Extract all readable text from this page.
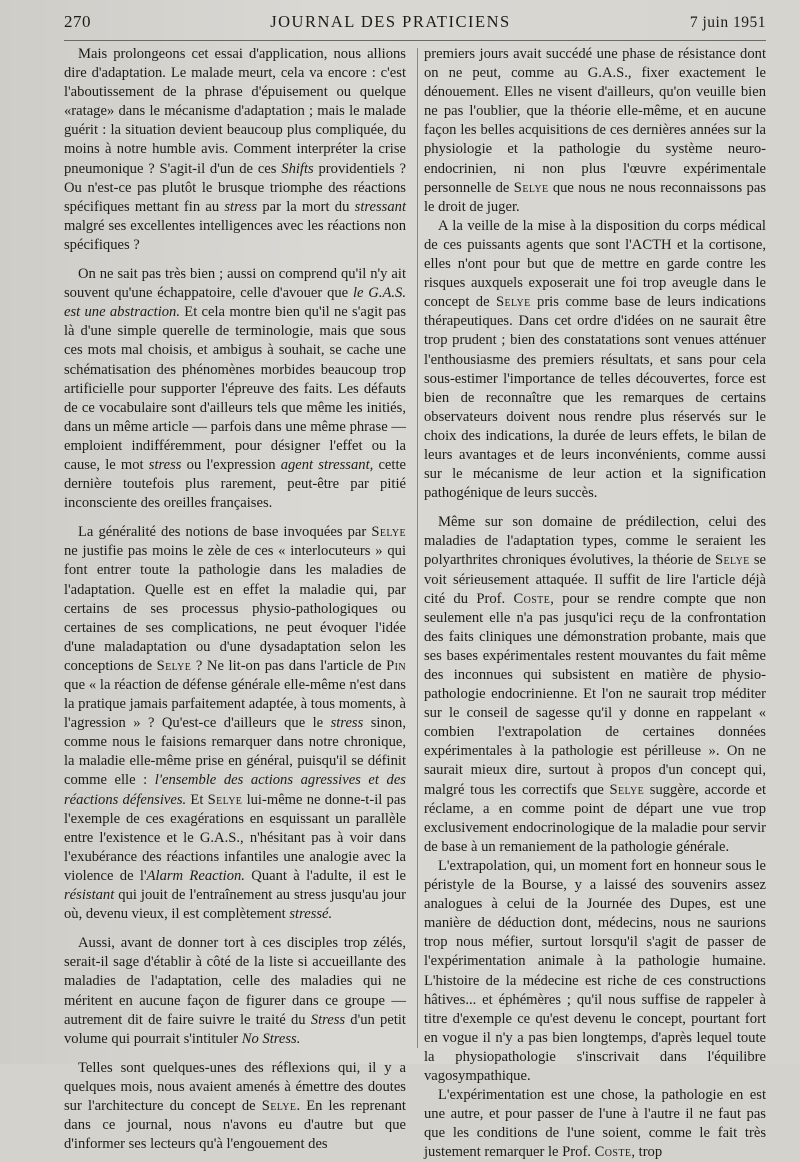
270	JOURNAL DES PRATICIENS	7 juin 1951

Mais prolongeons cet essai d'application, nous allions dire d'adaptation. Le malade meurt, cela va encore : c'est l'aboutissement de la phrase d'épuisement ou quelque «ratage» dans le mécanisme d'adaptation ; mais le malade guérit : la situation devient beaucoup plus compliquée, du moins à notre humble avis. Comment interpréter la crise pneumonique ? S'agit-il d'un de ces Shifts providentiels ? Ou n'est-ce pas plutôt le brusque triomphe des réactions spécifiques mettant fin au stress par la mort du stressant malgré ses excellentes intelligences avec les réactions non spécifiques ?

On ne sait pas très bien ; aussi on comprend qu'il n'y ait souvent qu'une échappatoire, celle d'avouer que le G.A.S. est une abstraction. Et cela montre bien qu'il ne s'agit pas là d'une simple querelle de terminologie, mais que sous ces mots mal choisis, et ambigus à souhait, se cache une schématisation des phénomènes morbides beaucoup trop artificielle pour supporter l'épreuve des faits. Les défauts de ce vocabulaire sont d'ailleurs tels que même les initiés, dans un même article — parfois dans une même phrase — emploient indifféremment, pour désigner l'effet ou la cause, le mot stress ou l'expression agent stressant, cette dernière toutefois plus rarement, peut-être par pitié inconsciente des oreilles françaises.

La généralité des notions de base invoquées par Selye ne justifie pas moins le zèle de ces « interlocuteurs » qui font entrer toute la pathologie dans les maladies de l'adaptation. Quelle est en effet la maladie qui, par certains de ses processus physio-pathologiques ou certaines de ses complications, ne peut évoquer l'idée d'une maladaptation ou d'une dysadaptation selon les conceptions de Selye ? Ne lit-on pas dans l'article de Pin que « la réaction de défense générale elle-même n'est dans la pratique jamais parfaitement adaptée, à tous moments, à l'agression » ? Qu'est-ce d'ailleurs que le stress sinon, comme nous le faisions remarquer dans notre chronique, la maladie elle-même prise en général, puisqu'il se définit comme elle : l'ensemble des actions agressives et des réactions défensives. Et Selye lui-même ne donne-t-il pas l'exemple de ces exagérations en esquissant un parallèle entre l'existence et le G.A.S., n'hésitant pas à voir dans l'exubérance des réactions infantiles une analogie avec la violence de l'Alarm Reaction. Quant à l'adulte, il est le résistant qui jouit de l'entraînement au stress jusqu'au jour où, devenu vieux, il est complètement stressé.

Aussi, avant de donner tort à ces disciples trop zélés, serait-il sage d'établir à côté de la liste si accueillante des maladies de l'adaptation, celle des maladies qui ne méritent en aucune façon de figurer dans ce groupe — autrement dit de faire suivre le traité du Stress d'un petit volume qui pourrait s'intituler No Stress.

Telles sont quelques-unes des réflexions qui, il y a quelques mois, nous avaient amenés à émettre des doutes sur l'architecture du concept de Selye. En les reprenant dans ce journal, nous n'avons eu d'autre but que d'informer ses lecteurs qu'à l'engouement des

premiers jours avait succédé une phase de résistance dont on ne peut, comme au G.A.S., fixer exactement le dénouement. Elles ne visent d'ailleurs, qu'on veuille bien ne pas l'oublier, que la théorie elle-même, et en aucune façon les belles acquisitions de ces dernières années sur la physiologie et la pathologie du système neuro-endocrinien, ni non plus l'œuvre expérimentale personnelle de Selye que nous ne nous reconnaissons pas le droit de juger.

A la veille de la mise à la disposition du corps médical de ces puissants agents que sont l'ACTH et la cortisone, elles n'ont pour but que de mettre en garde contre les risques auxquels exposerait une foi trop aveugle dans le concept de Selye pris comme base de leurs indications thérapeutiques. Dans cet ordre d'idées on ne saurait être trop prudent ; bien des constatations sont venues atténuer l'enthousiasme des premiers résultats, et sans pour cela sous-estimer l'importance de telles découvertes, force est bien de reconnaître que les remarques de certains observateurs doivent nous rendre plus réservés sur le choix des indications, la durée de leurs effets, le bilan de leurs avantages et de leurs inconvénients, comme aussi sur le mécanisme de leur action et la signification pathogénique de leurs succès.

Même sur son domaine de prédilection, celui des maladies de l'adaptation types, comme le seraient les polyarthrites chroniques évolutives, la théorie de Selye se voit sérieusement attaquée. Il suffit de lire l'article déjà cité du Prof. Coste, pour se rendre compte que non seulement elle n'a pas jusqu'ici reçu de la confrontation des faits cliniques une démonstration probante, mais que ses bases expérimentales restent mouvantes du fait même des inconnues qui subsistent en matière de physio-pathologie endocrinienne. Et l'on ne saurait trop méditer sur le conseil de sagesse qu'il y donne en rappelant « combien l'extrapolation de certaines données expérimentales à la pathologie est périlleuse ». On ne saurait mieux dire, surtout à propos d'un concept qui, malgré tous les correctifs que Selye suggère, accorde et réclame, a en comme point de départ une vue trop exclusivement endocrinologique de la maladie pour servir de base à un remaniement de la pathologie générale.

L'extrapolation, qui, un moment fort en honneur sous le péristyle de la Bourse, y a laissé des souvenirs assez analogues à celui de la Journée des Dupes, est une manière de déduction dont, médecins, nous ne saurions trop nous méfier, surtout lorsqu'il s'agit de passer de l'expérimentation animale à la pathologie humaine. L'histoire de la médecine est riche de ces constructions hâtives... et éphémères ; qu'il nous suffise de rappeler à titre d'exemple ce qu'est devenu le concept, pourtant fort en vogue il n'y a pas bien longtemps, d'après lequel toute la physiopathologie s'inscrivait dans l'équilibre vagosympathique.

L'expérimentation est une chose, la pathologie en est une autre, et pour passer de l'une à l'autre il ne faut pas que les conditions de l'une soient, comme le fait très justement remarquer le Prof. Coste, trop
